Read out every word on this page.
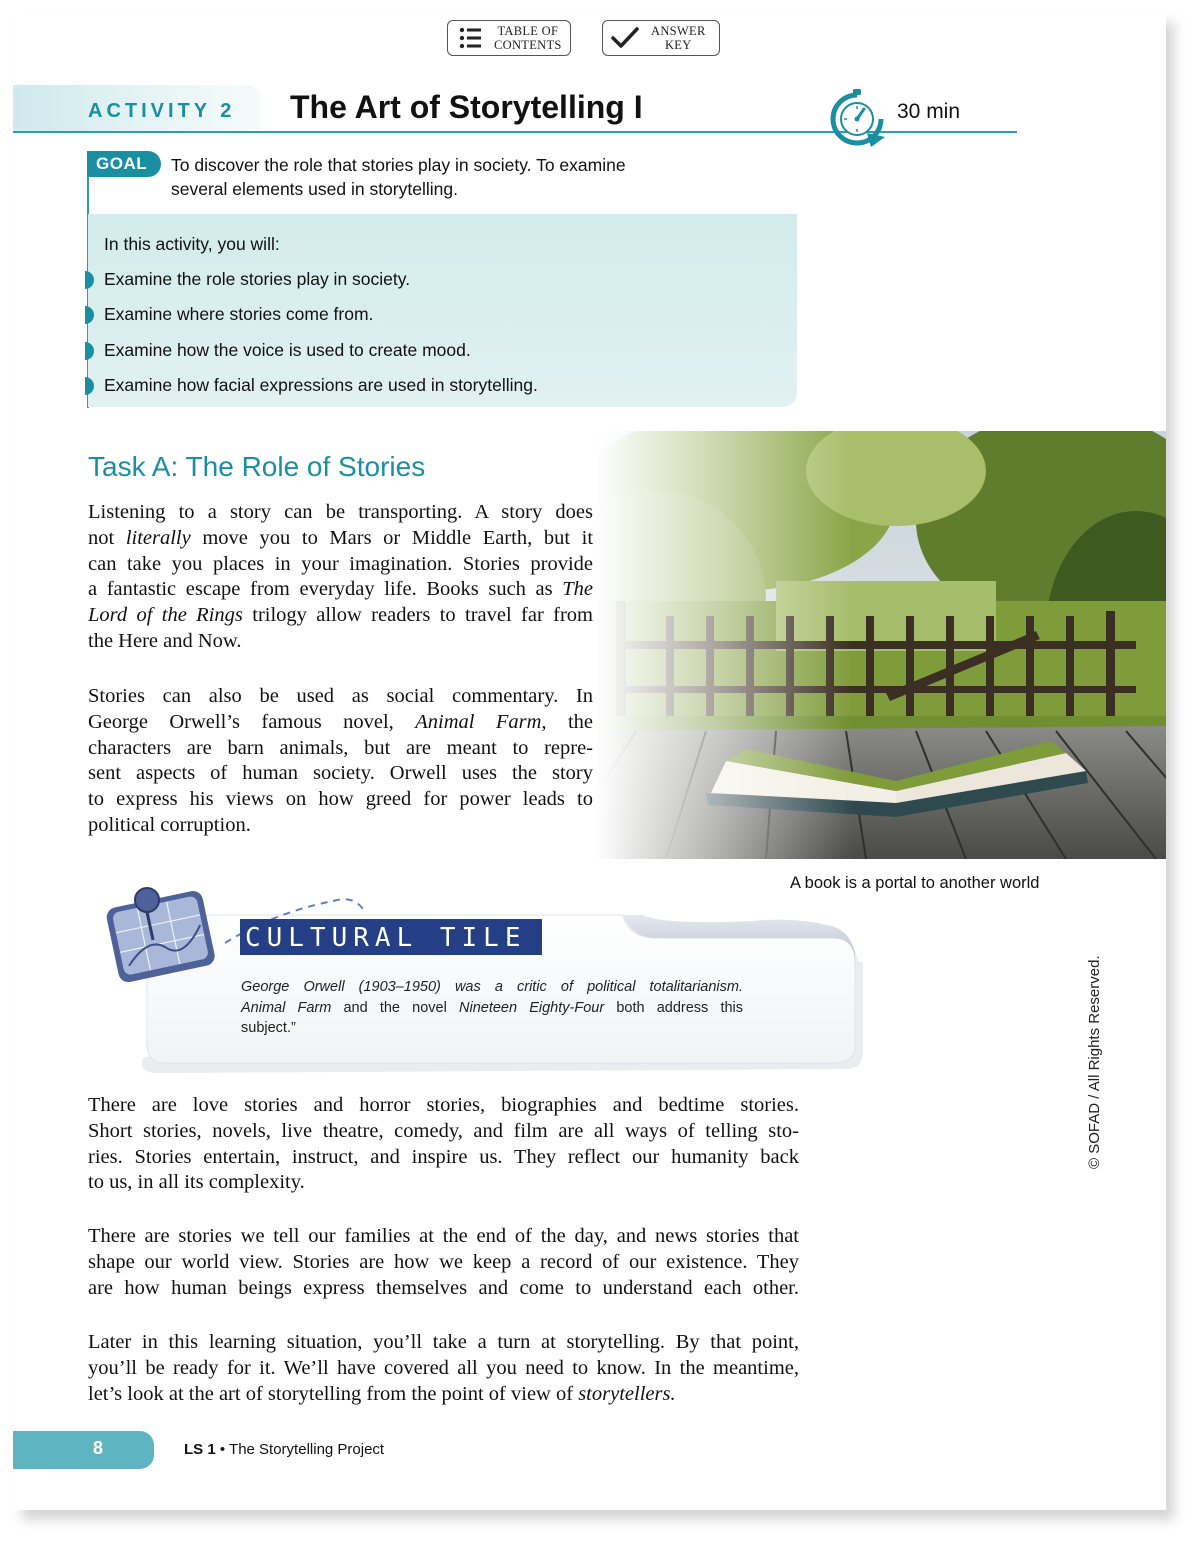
TABLE OF
CONTENTS
ANSWER
KEY
ACTIVITY 2 The Art of Storytelling I	30 min
GOAL	To discover the role that stories play in society. To examine
several elements used in storytelling.
In this activity, you will:
Examine the role stories play in society.
Examine where stories come from.
Examine how the voice is used to create mood.
Examine how facial expressions are used in storytelling.
Task A: The Role of Stories
Listening to a story can be transporting. A story does
not literally move you to Mars or Middle Earth, but it
can take you places in your imagination. Stories provide
a fantastic escape from everyday life. Books such as The
Lord of the Rings trilogy allow readers to travel far from
the Here and Now.
Stories can also be used as social commentary. In
George Orwell’s famous novel, Animal Farm, the
characters are barn animals, but are meant to repre-
sent aspects of human society. Orwell uses the story
to express his views on how greed for power leads to
political corruption.
A book is a portal to another world
CULTURAL TILE
George Orwell (1903–1950) was a critic of political totalitarianism.
Animal Farm and the novel Nineteen Eighty-Four both address this
subject.”
There are love stories and horror stories, biographies and bedtime stories.
Short stories, novels, live theatre, comedy, and film are all ways of telling sto-
ries. Stories entertain, instruct, and inspire us. They reflect our humanity back
to us, in all its complexity.
There are stories we tell our families at the end of the day, and news stories that
shape our world view. Stories are how we keep a record of our existence. They
are how human beings express themselves and come to understand each other.
Later in this learning situation, you’ll take a turn at storytelling. By that point,
you’ll be ready for it. We’ll have covered all you need to know. In the meantime,
let’s look at the art of storytelling from the point of view of storytellers.
© SOFAD / All Rights Reserved.
8	LS 1 • The Storytelling Project
